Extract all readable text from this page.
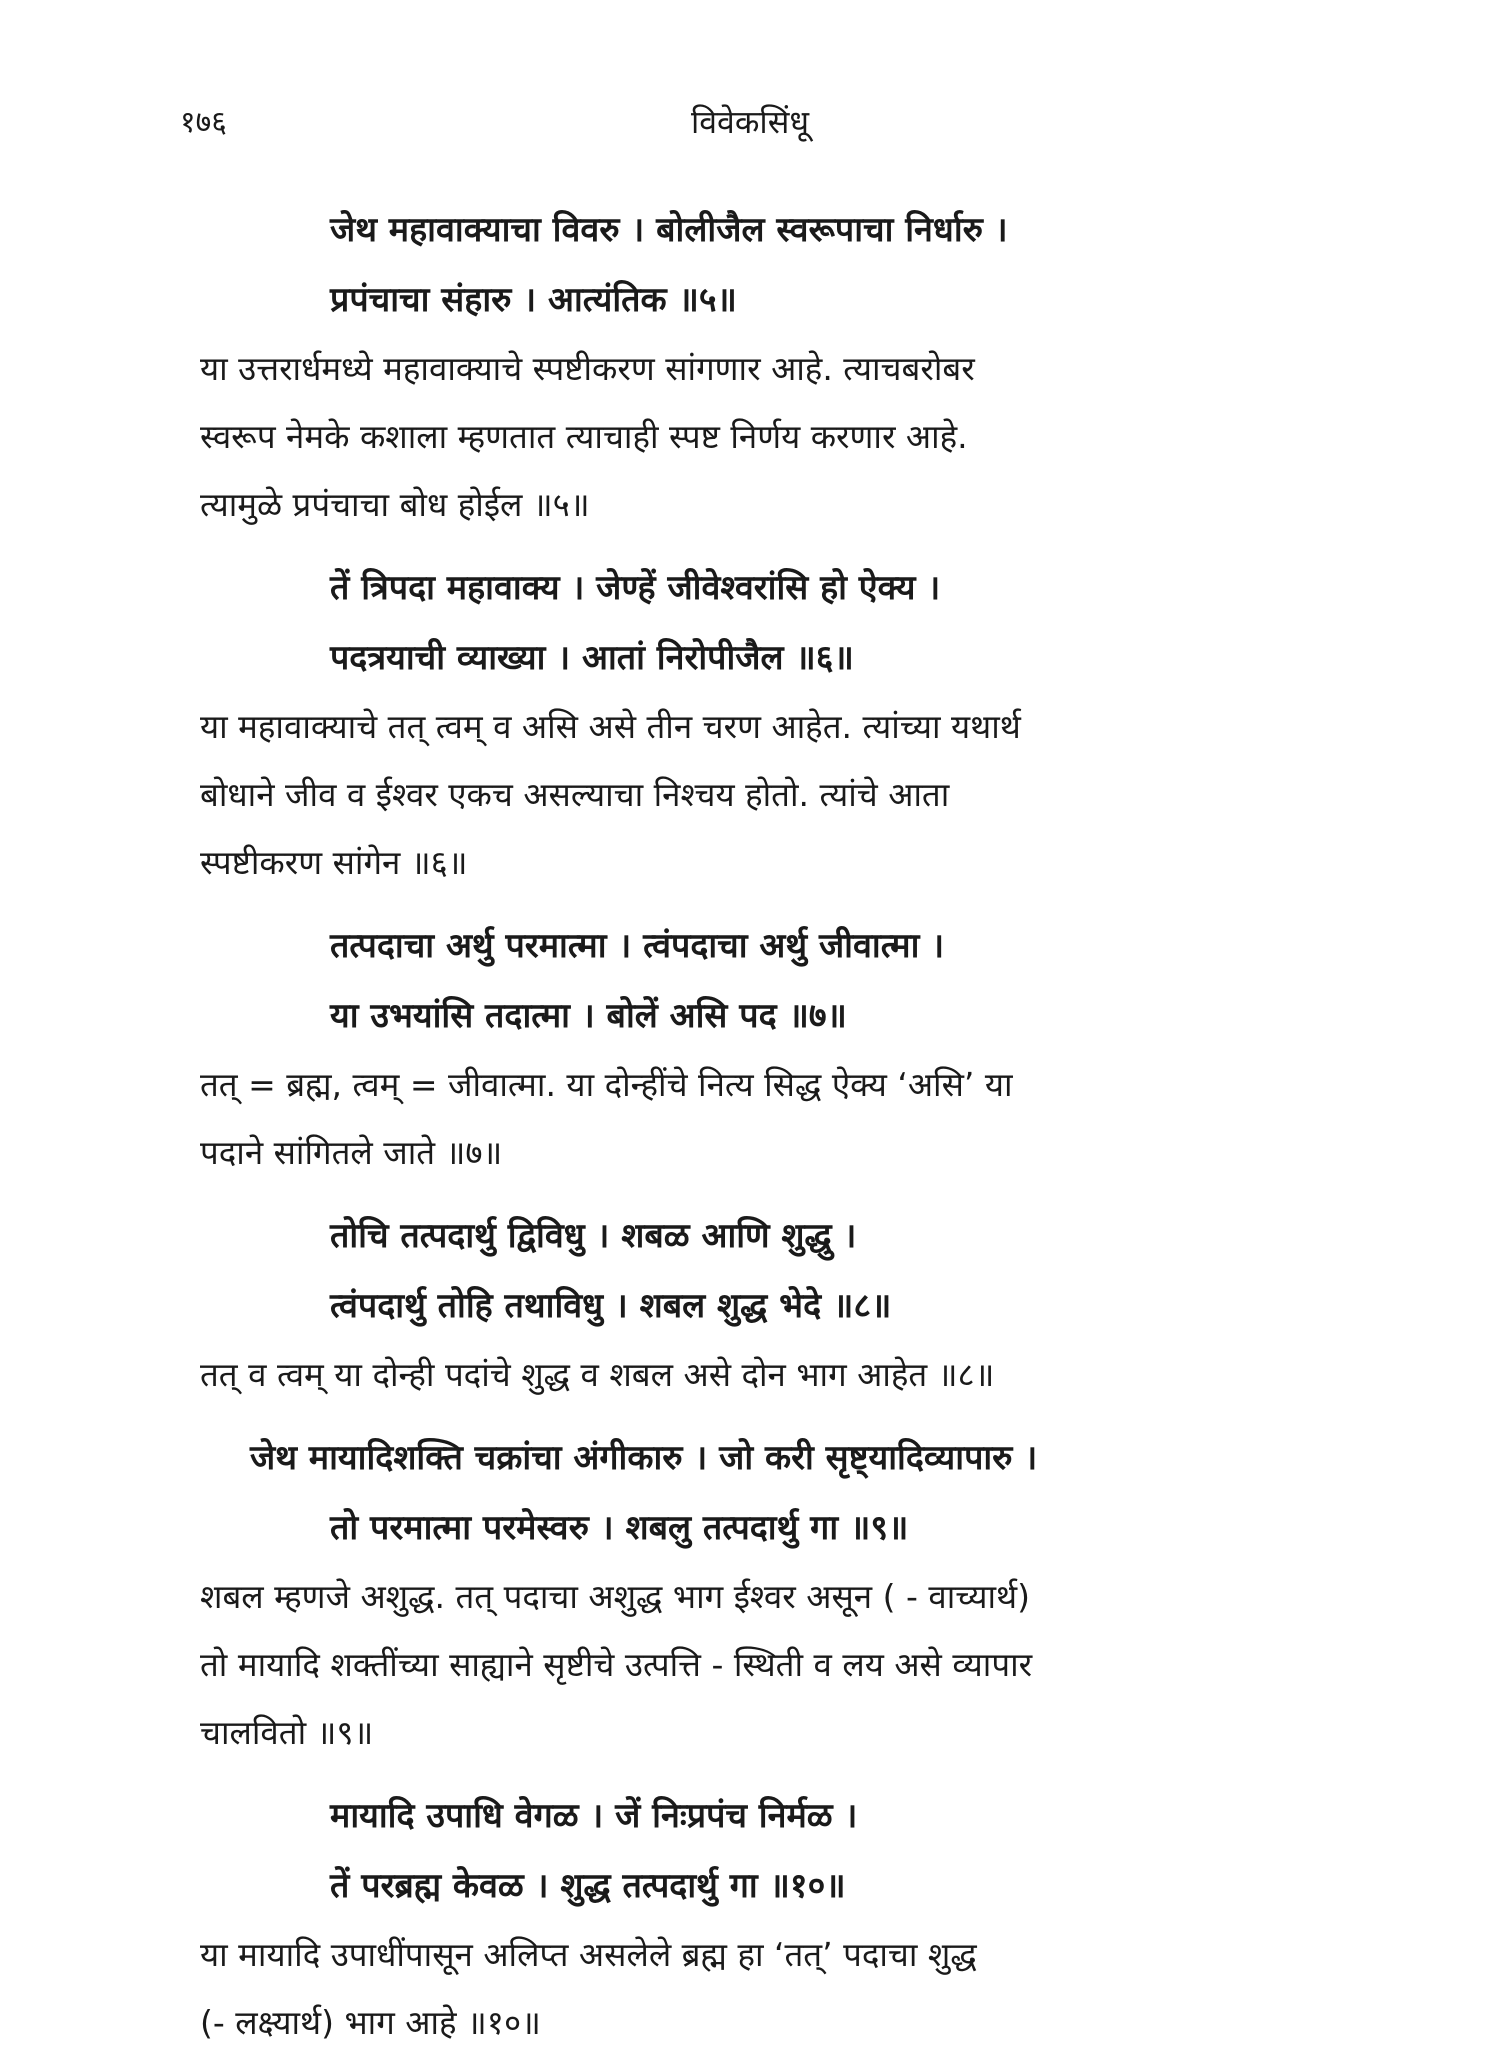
१७६	विवेकसिंधू
जेथ महावाक्याचा विवरु । बोलीजैल स्वरूपाचा निर्धारु ।
प्रपंचाचा संहारु । आत्यंतिक ॥५॥
या उत्तरार्धमध्ये महावाक्याचे स्पष्टीकरण सांगणार आहे. त्याचबरोबर
स्वरूप नेमके कशाला म्हणतात त्याचाही स्पष्ट निर्णय करणार आहे.
त्यामुळे प्रपंचाचा बोध होईल ॥५॥
तें त्रिपदा महावाक्य । जेण्हें जीवेश्वरांसि हो ऐक्य ।
पदत्रयाची व्याख्या । आतां निरोपीजैल ॥६॥
या महावाक्याचे तत् त्वम् व असि असे तीन चरण आहेत. त्यांच्या यथार्थ
बोधाने जीव व ईश्वर एकच असल्याचा निश्चय होतो. त्यांचे आता
स्पष्टीकरण सांगेन ॥६॥
तत्पदाचा अर्थु परमात्मा । त्वंपदाचा अर्थु जीवात्मा ।
या उभयांसि तदात्मा । बोलें असि पद ॥७॥
तत् = ब्रह्म, त्वम् = जीवात्मा. या दोन्हींचे नित्य सिद्ध ऐक्य ‘असि’ या
पदाने सांगितले जाते ॥७॥
तोचि तत्पदार्थु द्विविधु । शबळ आणि शुद्धु ।
त्वंपदार्थु तोहि तथाविधु । शबल शुद्ध भेदे ॥८॥
तत् व त्वम् या दोन्ही पदांचे शुद्ध व शबल असे दोन भाग आहेत ॥८॥
जेथ मायादिशक्ति चक्रांचा अंगीकारु । जो करी सृष्ट्यादिव्यापारु ।
तो परमात्मा परमेस्वरु । शबलु तत्पदार्थु गा ॥९॥
शबल म्हणजे अशुद्ध. तत् पदाचा अशुद्ध भाग ईश्वर असून ( - वाच्यार्थ)
तो मायादि शक्तींच्या साह्याने सृष्टीचे उत्पत्ति - स्थिती व लय असे व्यापार
चालवितो ॥९॥
मायादि उपाधि वेगळ । जें निःप्रपंच निर्मळ ।
तें परब्रह्म केवळ । शुद्ध तत्पदार्थु गा ॥१०॥
या मायादि उपाधींपासून अलिप्त असलेले ब्रह्म हा ‘तत्’ पदाचा शुद्ध
(- लक्ष्यार्थ) भाग आहे ॥१०॥
